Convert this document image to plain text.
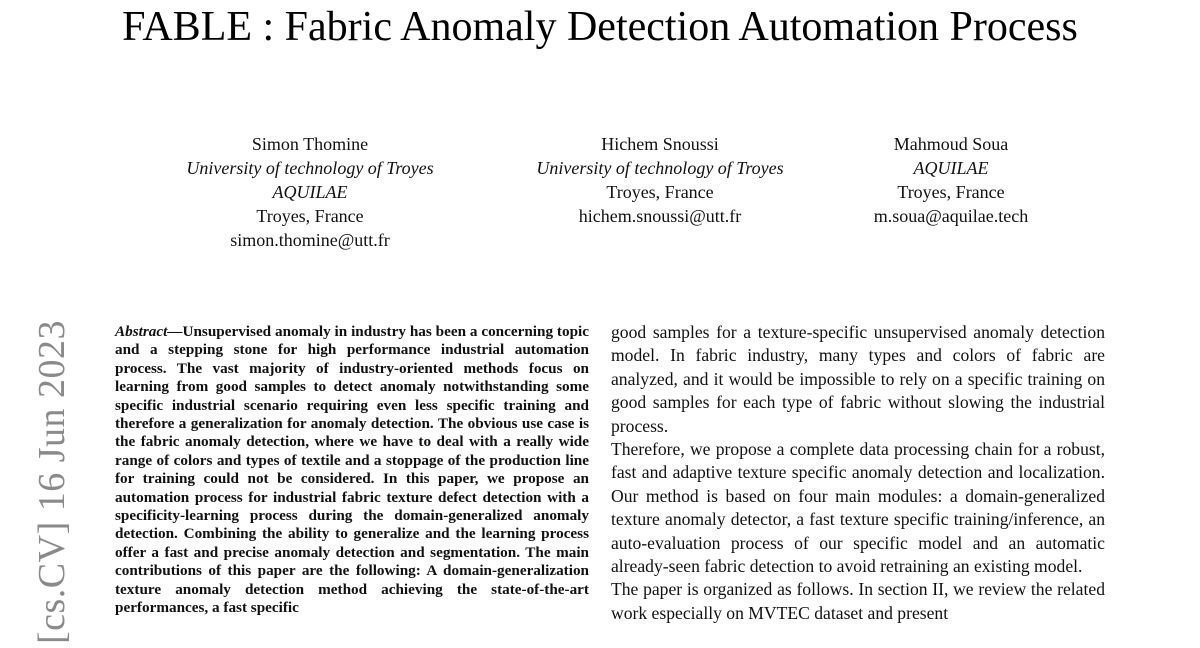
FABLE : Fabric Anomaly Detection Automation Process
Simon Thomine
University of technology of Troyes
AQUILAE
Troyes, France
simon.thomine@utt.fr
Hichem Snoussi
University of technology of Troyes
Troyes, France
hichem.snoussi@utt.fr
Mahmoud Soua
AQUILAE
Troyes, France
m.soua@aquilae.tech
[cs.CV] 16 Jun 2023	Abstract—Unsupervised anomaly in industry has been a concerning topic and a stepping stone for high performance industrial automation process. The vast majority of industry-oriented methods focus on learning from good samples to detect anomaly notwithstanding some specific industrial scenario requiring even less specific training and therefore a generalization for anomaly detection. The obvious use case is the fabric anomaly detection, where we have to deal with a really wide range of colors and types of textile and a stoppage of the production line for training could not be considered. In this paper, we propose an automation process for industrial fabric texture defect detection with a specificity-learning process during the domain-generalized anomaly detection. Combining the ability to generalize and the learning process offer a fast and precise anomaly detection and segmentation. The main contributions of this paper are the following: A domain-generalization texture anomaly detection method achieving the state-of-the-art performances, a fast specific

good samples for a texture-specific unsupervised anomaly detection model. In fabric industry, many types and colors of fabric are analyzed, and it would be impossible to rely on a specific training on good samples for each type of fabric without slowing the industrial process.

Therefore, we propose a complete data processing chain for a robust, fast and adaptive texture specific anomaly detection and localization. Our method is based on four main modules: a domain-generalized texture anomaly detector, a fast texture specific training/inference, an auto-evaluation process of our specific model and an automatic already-seen fabric detection to avoid retraining an existing model.

The paper is organized as follows. In section II, we review the related work especially on MVTEC dataset and present
